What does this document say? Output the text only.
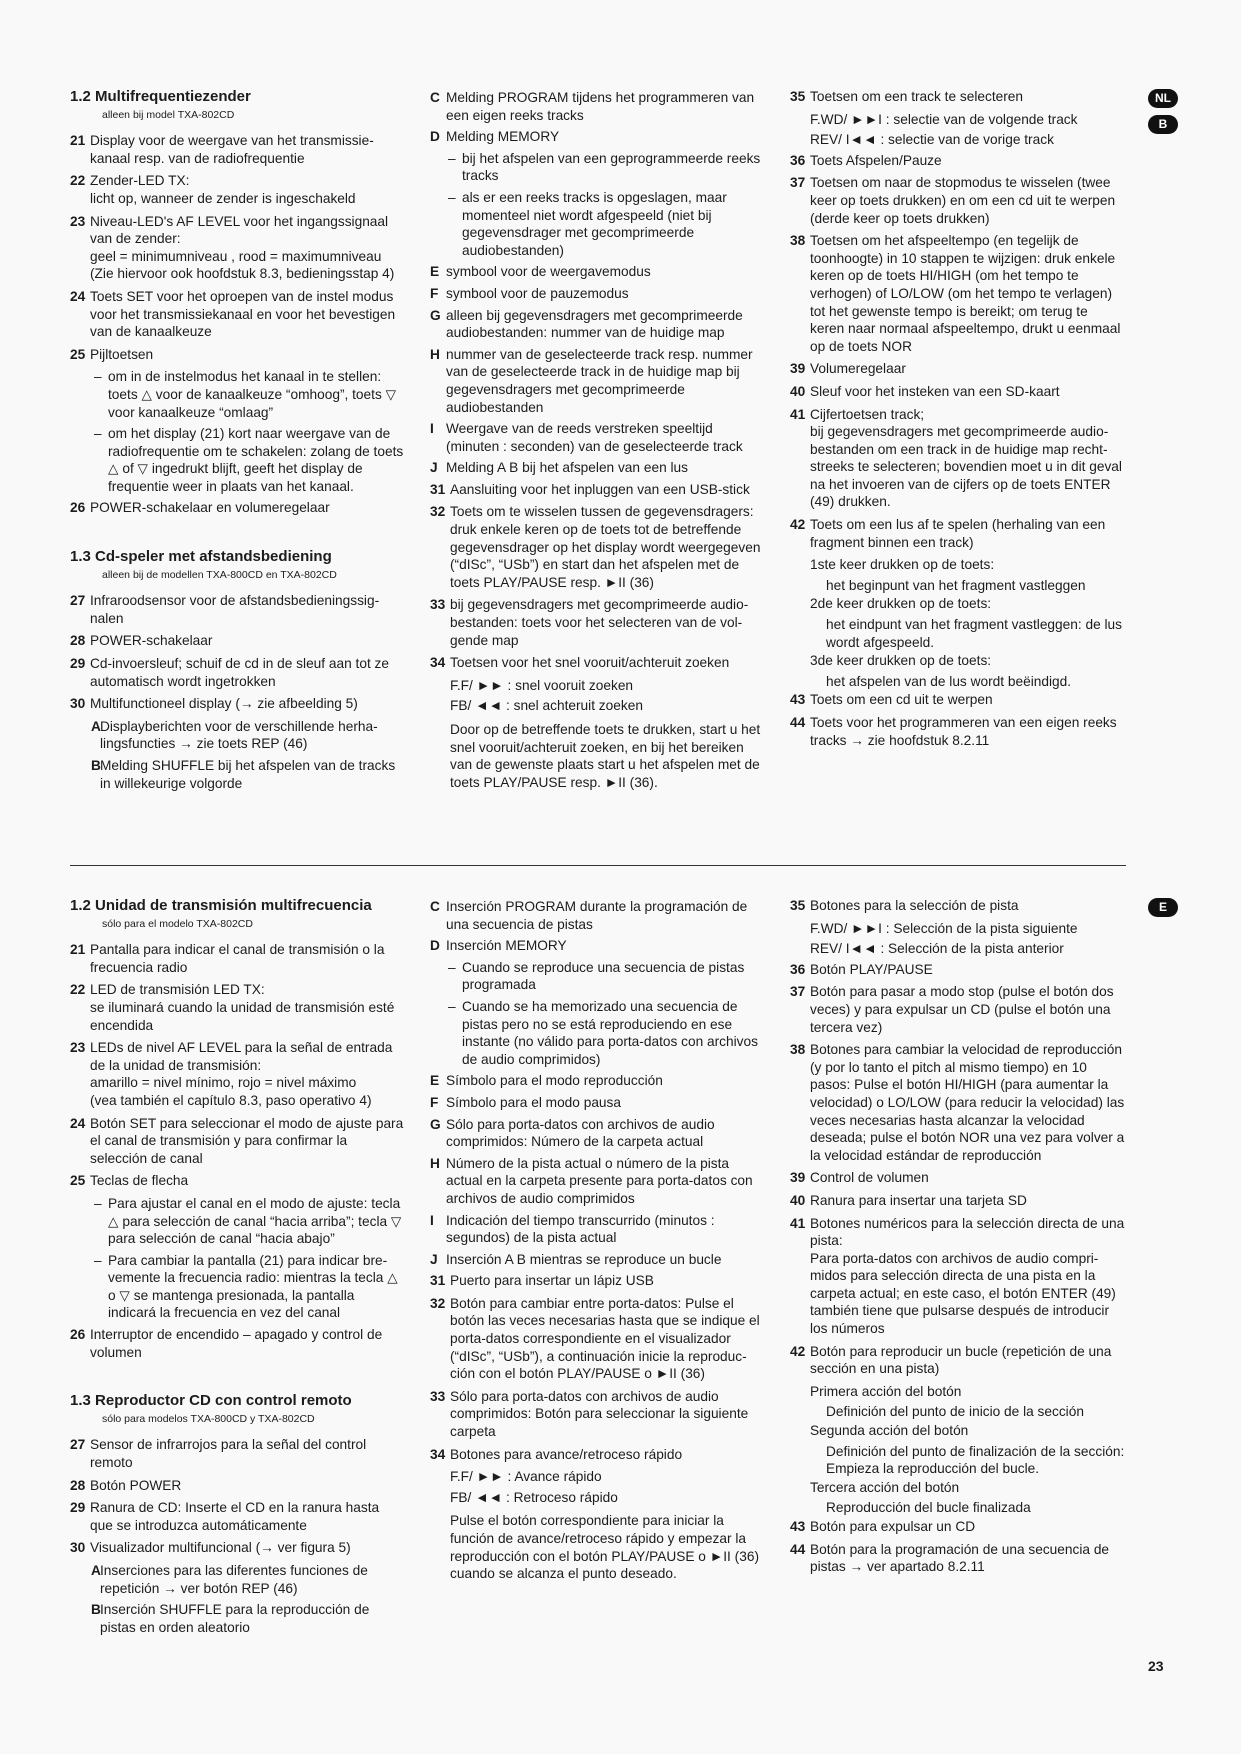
NL
B
E
1.2 Multifrequentiezender
alleen bij model TXA-802CD
21 Display voor de weergave van het transmissiekanaal resp. van de radiofrequentie
22 Zender-LED TX:
licht op, wanneer de zender is ingeschakeld
23 Niveau-LED's AF LEVEL voor het ingangssignaal van de zender:
geel = minimumniveau , rood = maximumniveau
(Zie hiervoor ook hoofdstuk 8.3, bedieningsstap 4)
24 Toets SET voor het oproepen van de instel modus voor het transmissiekanaal en voor het bevestigen van de kanaalkeuze
25 Pijltoetsen
– om in de instelmodus het kanaal in te stellen: toets △ voor de kanaalkeuze “omhoog”, toets ▽ voor kanaalkeuze “omlaag”
– om het display (21) kort naar weergave van de radiofrequentie om te schakelen: zolang de toets △ of ▽ ingedrukt blijft, geeft het display de frequentie weer in plaats van het kanaal.
26 POWER-schakelaar en volumeregelaar
1.3 Cd-speler met afstandsbediening
alleen bij de modellen TXA-800CD en TXA-802CD
27 Infraroodsensor voor de afstandsbedieningssignalen
28 POWER-schakelaar
29 Cd-invoersleuf; schuif de cd in de sleuf aan tot ze automatisch wordt ingetrokken
30 Multifunctioneel display (→ zie afbeelding 5)
A Displayberichten voor de verschillende herhalingsfuncties → zie toets REP (46)
B Melding SHUFFLE bij het afspelen van de tracks in willekeurige volgorde
C Melding PROGRAM tijdens het programmeren van een eigen reeks tracks
D Melding MEMORY
– bij het afspelen van een geprogrammeerde reeks tracks
– als er een reeks tracks is opgeslagen, maar momenteel niet wordt afgespeeld (niet bij gegevensdrager met gecomprimeerde audiobestanden)
E symbool voor de weergavemodus
F symbool voor de pauzemodus
G alleen bij gegevensdragers met gecomprimeerde audiobestanden: nummer van de huidige map
H nummer van de geselecteerde track resp. nummer van de geselecteerde track in de huidige map bij gegevensdragers met gecomprimeerde audiobestanden
I Weergave van de reeds verstreken speeltijd (minuten : seconden) van de geselecteerde track
J Melding A B bij het afspelen van een lus
31 Aansluiting voor het inpluggen van een USB-stick
32 Toets om te wisselen tussen de gegevensdragers: druk enkele keren op de toets tot de betreffende gegevensdrager op het display wordt weergegeven (“dISc”, “USb”) en start dan het afspelen met de toets PLAY/PAUSE resp. ►II (36)
33 bij gegevensdragers met gecomprimeerde audiobestanden: toets voor het selecteren van de volgende map
34 Toetsen voor het snel vooruit/achteruit zoeken
F.F/ ►► : snel vooruit zoeken
FB/ ◄◄ : snel achteruit zoeken
Door op de betreffende toets te drukken, start u het snel vooruit/achteruit zoeken, en bij het bereiken van de gewenste plaats start u het afspelen met de toets PLAY/PAUSE resp. ►II (36).
35 Toetsen om een track te selecteren
F.WD/ ►►I : selectie van de volgende track
REV/ I◄◄ : selectie van de vorige track
36 Toets Afspelen/Pauze
37 Toetsen om naar de stopmodus te wisselen (twee keer op toets drukken) en om een cd uit te werpen (derde keer op toets drukken)
38 Toetsen om het afspeeltempo (en tegelijk de toonhoogte) in 10 stappen te wijzigen: druk enkele keren op de toets HI/HIGH (om het tempo te verhogen) of LO/LOW (om het tempo te verlagen) tot het gewenste tempo is bereikt; om terug te keren naar normaal afspeeltempo, drukt u eenmaal op de toets NOR
39 Volumeregelaar
40 Sleuf voor het insteken van een SD-kaart
41 Cijfertoetsen track;
bij gegevensdragers met gecomprimeerde audiobestanden om een track in de huidige map rechtstreeks te selecteren; bovendien moet u in dit geval na het invoeren van de cijfers op de toets ENTER (49) drukken.
42 Toets om een lus af te spelen (herhaling van een fragment binnen een track)
1ste keer drukken op de toets:
het beginpunt van het fragment vastleggen
2de keer drukken op de toets:
het eindpunt van het fragment vastleggen: de lus wordt afgespeeld.
3de keer drukken op de toets:
het afspelen van de lus wordt beëindigd.
43 Toets om een cd uit te werpen
44 Toets voor het programmeren van een eigen reeks tracks → zie hoofdstuk 8.2.11
1.2 Unidad de transmisión multifrecuencia
sólo para el modelo TXA-802CD
21 Pantalla para indicar el canal de transmisión o la frecuencia radio
22 LED de transmisión LED TX:
se iluminará cuando la unidad de transmisión esté encendida
23 LEDs de nivel AF LEVEL para la señal de entrada de la unidad de transmisión:
amarillo = nivel mínimo, rojo = nivel máximo
(vea también el capítulo 8.3, paso operativo 4)
24 Botón SET para seleccionar el modo de ajuste para el canal de transmisión y para confirmar la selección de canal
25 Teclas de flecha
– Para ajustar el canal en el modo de ajuste: tecla △ para selección de canal “hacia arriba”; tecla ▽ para selección de canal “hacia abajo”
– Para cambiar la pantalla (21) para indicar brevemente la frecuencia radio: mientras la tecla △ o ▽ se mantenga presionada, la pantalla indicará la frecuencia en vez del canal
26 Interruptor de encendido – apagado y control de volumen
1.3 Reproductor CD con control remoto
sólo para modelos TXA-800CD y TXA-802CD
27 Sensor de infrarrojos para la señal del control remoto
28 Botón POWER
29 Ranura de CD: Inserte el CD en la ranura hasta que se introduzca automáticamente
30 Visualizador multifuncional (→ ver figura 5)
A Inserciones para las diferentes funciones de repetición → ver botón REP (46)
B Inserción SHUFFLE para la reproducción de pistas en orden aleatorio
C Inserción PROGRAM durante la programación de una secuencia de pistas
D Inserción MEMORY
– Cuando se reproduce una secuencia de pistas programada
– Cuando se ha memorizado una secuencia de pistas pero no se está reproduciendo en ese instante (no válido para porta-datos con archivos de audio comprimidos)
E Símbolo para el modo reproducción
F Símbolo para el modo pausa
G Sólo para porta-datos con archivos de audio comprimidos: Número de la carpeta actual
H Número de la pista actual o número de la pista actual en la carpeta presente para porta-datos con archivos de audio comprimidos
I Indicación del tiempo transcurrido (minutos : segundos) de la pista actual
J Inserción A B mientras se reproduce un bucle
31 Puerto para insertar un lápiz USB
32 Botón para cambiar entre porta-datos: Pulse el botón las veces necesarias hasta que se indique el porta-datos correspondiente en el visualizador (“dISc”, “USb”), a continuación inicie la reproducción con el botón PLAY/PAUSE o ►II (36)
33 Sólo para porta-datos con archivos de audio comprimidos: Botón para seleccionar la siguiente carpeta
34 Botones para avance/retroceso rápido
F.F/ ►► : Avance rápido
FB/ ◄◄ : Retroceso rápido
Pulse el botón correspondiente para iniciar la función de avance/retroceso rápido y empezar la reproducción con el botón PLAY/PAUSE o ►II (36) cuando se alcanza el punto deseado.
35 Botones para la selección de pista
F.WD/ ►►I : Selección de la pista siguiente
REV/ I◄◄ : Selección de la pista anterior
36 Botón PLAY/PAUSE
37 Botón para pasar a modo stop (pulse el botón dos veces) y para expulsar un CD (pulse el botón una tercera vez)
38 Botones para cambiar la velocidad de reproducción (y por lo tanto el pitch al mismo tiempo) en 10 pasos: Pulse el botón HI/HIGH (para aumentar la velocidad) o LO/LOW (para reducir la velocidad) las veces necesarias hasta alcanzar la velocidad deseada; pulse el botón NOR una vez para volver a la velocidad estándar de reproducción
39 Control de volumen
40 Ranura para insertar una tarjeta SD
41 Botones numéricos para la selección directa de una pista:
Para porta-datos con archivos de audio comprimidos para selección directa de una pista en la carpeta actual; en este caso, el botón ENTER (49) también tiene que pulsarse después de introducir los números
42 Botón para reproducir un bucle (repetición de una sección en una pista)
Primera acción del botón
Definición del punto de inicio de la sección
Segunda acción del botón
Definición del punto de finalización de la sección: Empieza la reproducción del bucle.
Tercera acción del botón
Reproducción del bucle finalizada
43 Botón para expulsar un CD
44 Botón para la programación de una secuencia de pistas → ver apartado 8.2.11
23
